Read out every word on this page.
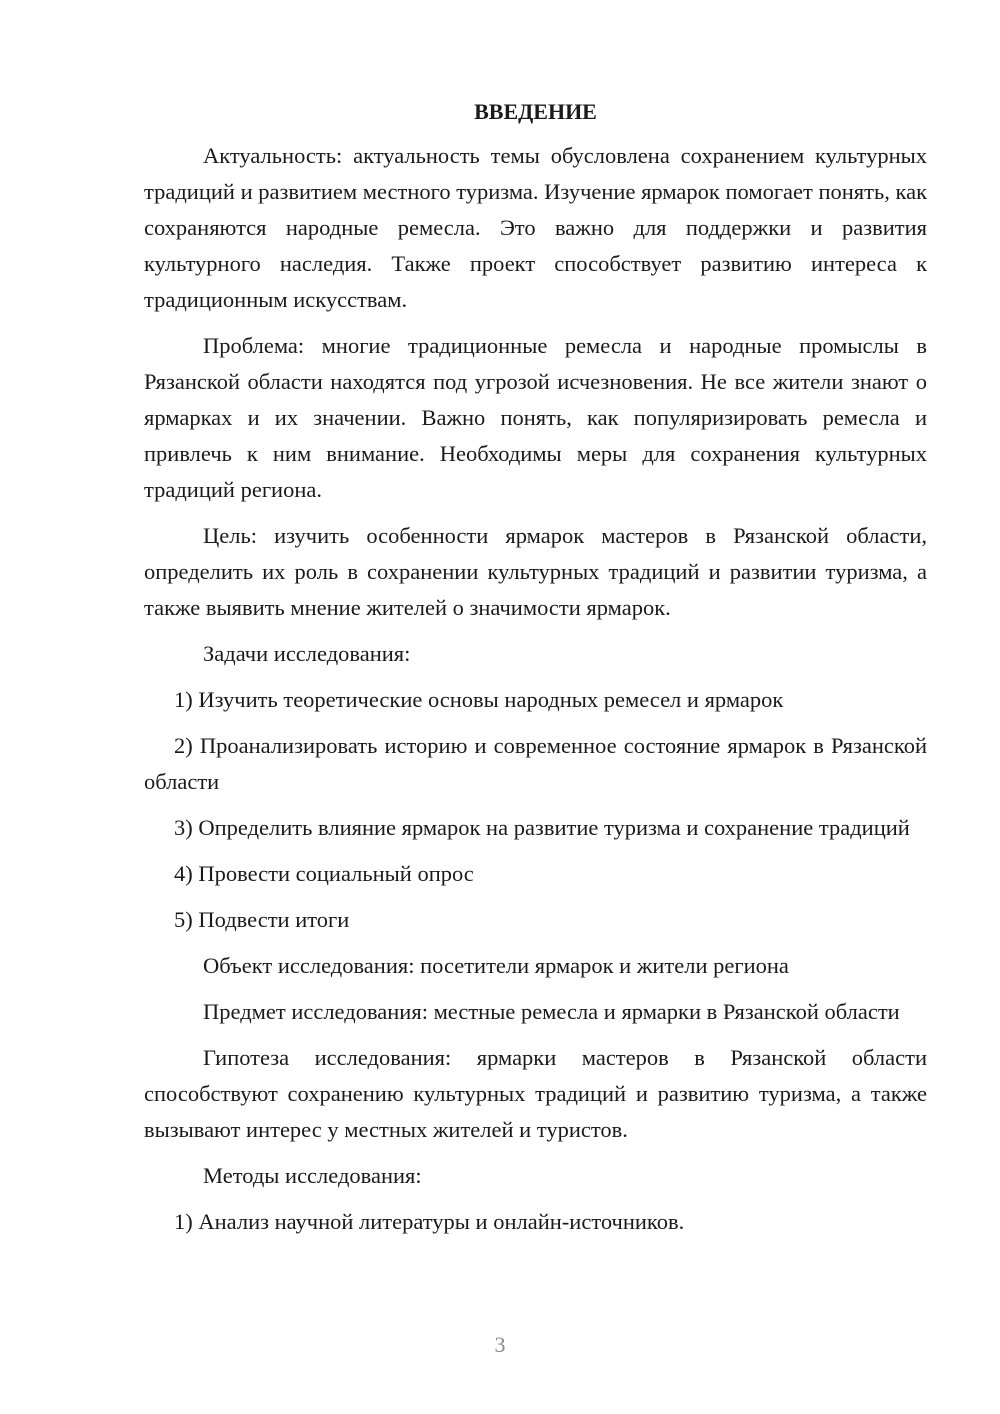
ВВЕДЕНИЕ

Актуальность: актуальность темы обусловлена сохранением культурных традиций и развитием местного туризма. Изучение ярмарок помогает понять, как сохраняются народные ремесла. Это важно для поддержки и развития культурного наследия. Также проект способствует развитию интереса к традиционным искусствам.

Проблема: многие традиционные ремесла и народные промыслы в Рязанской области находятся под угрозой исчезновения. Не все жители знают о ярмарках и их значении. Важно понять, как популяризировать ремесла и привлечь к ним внимание. Необходимы меры для сохранения культурных традиций региона.

Цель: изучить особенности ярмарок мастеров в Рязанской области, определить их роль в сохранении культурных традиций и развитии туризма, а также выявить мнение жителей о значимости ярмарок.

Задачи исследования:

1) Изучить теоретические основы народных ремесел и ярмарок

2) Проанализировать историю и современное состояние ярмарок в Рязанской области

3) Определить влияние ярмарок на развитие туризма и сохранение традиций

4) Провести социальный опрос

5) Подвести итоги

Объект исследования: посетители ярмарок и жители региона

Предмет исследования: местные ремесла и ярмарки в Рязанской области

Гипотеза исследования: ярмарки мастеров в Рязанской области способствуют сохранению культурных традиций и развитию туризма, а также вызывают интерес у местных жителей и туристов.

Методы исследования:

1) Анализ научной литературы и онлайн-источников.

3
